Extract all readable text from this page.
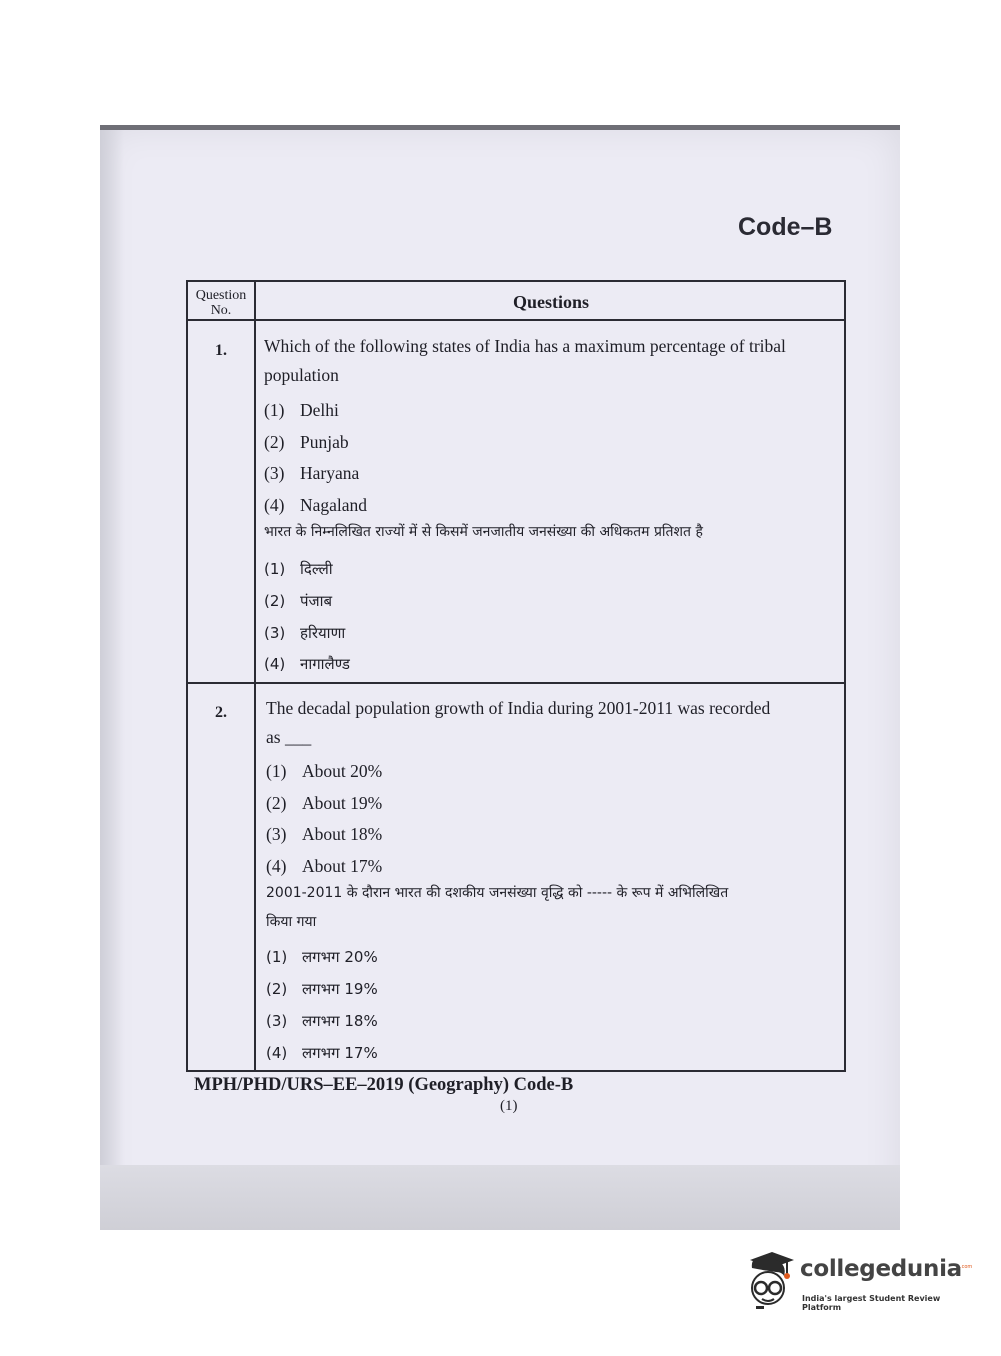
Code–B
Question No.	Questions
1.	Which of the following states of India has a maximum percentage of tribal
population
(1) Delhi
(2) Punjab
(3) Haryana
(4) Nagaland
भारत के निम्नलिखित राज्यों में से किसमें जनजातीय जनसंख्या की अधिकतम प्रतिशत है
(1) दिल्ली
(2) पंजाब
(3) हरियाणा
(4) नागालैण्ड
2.	The decadal population growth of India during 2001-2011 was recorded
as ___
(1) About 20%
(2) About 19%
(3) About 18%
(4) About 17%
2001-2011 के दौरान भारत की दशकीय जनसंख्या वृद्धि को ----- के रूप में अभिलिखित
किया गया
(1) लगभग 20%
(2) लगभग 19%
(3) लगभग 18%
(4) लगभग 17%
MPH/PHD/URS–EE–2019 (Geography) Code-B
(1)
collegedunia
.com
India's largest Student Review Platform
